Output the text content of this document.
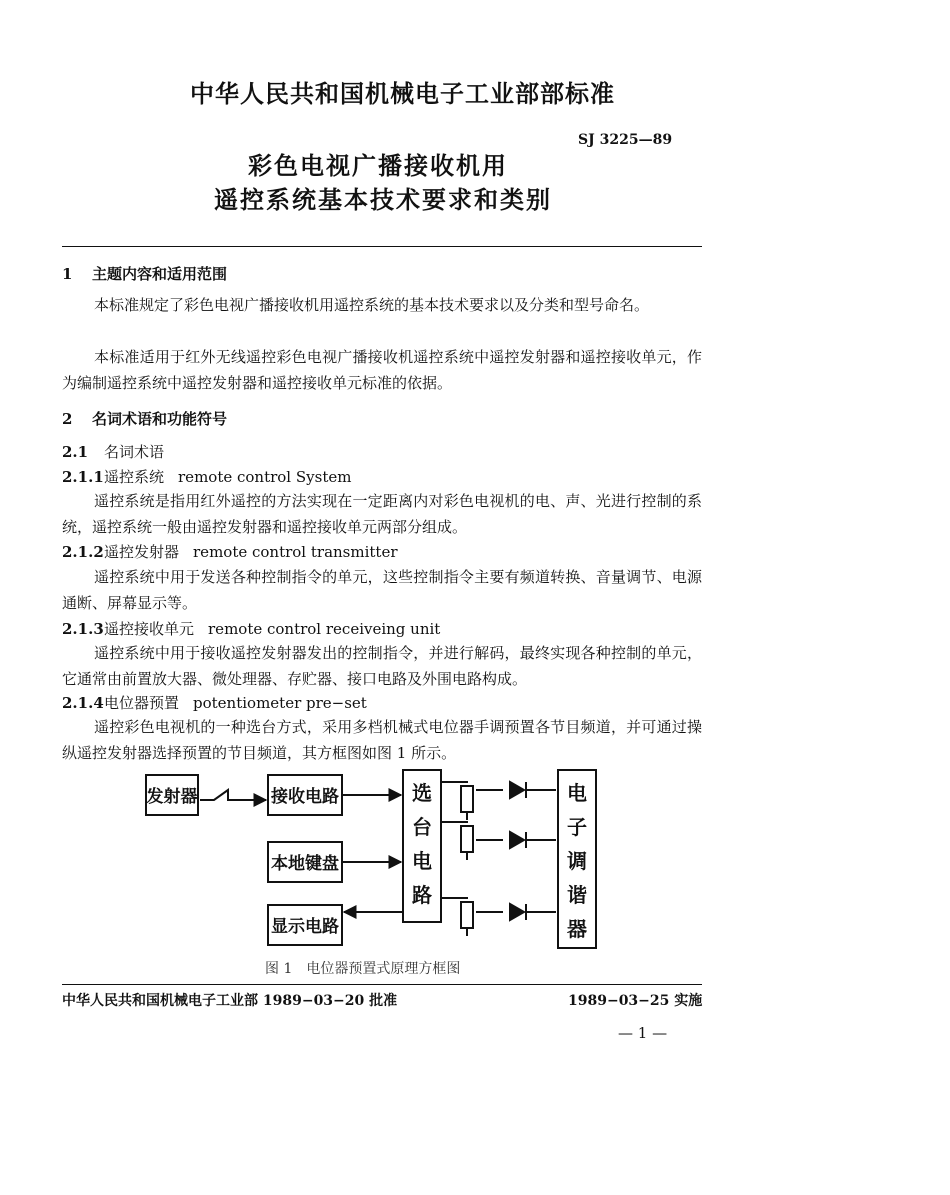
中华人民共和国机械电子工业部部标准
SJ 3225—89
彩色电视广播接收机用
遥控系统基本技术要求和类别
1 主题内容和适用范围
本标准规定了彩色电视广播接收机用遥控系统的基本技术要求以及分类和型号命名。
本标准适用于红外无线遥控彩色电视广播接收机遥控系统中遥控发射器和遥控接收单元，作为编制遥控系统中遥控发射器和遥控接收单元标准的依据。
2 名词术语和功能符号
2.1 名词术语
2.1.1遥控系统 remote control System
遥控系统是指用红外遥控的方法实现在一定距离内对彩色电视机的电、声、光进行控制的系统，遥控系统一般由遥控发射器和遥控接收单元两部分组成。
2.1.2遥控发射器 remote control transmitter
遥控系统中用于发送各种控制指令的单元，这些控制指令主要有频道转换、音量调节、电源通断、屏幕显示等。
2.1.3遥控接收单元 remote control receiveing unit
遥控系统中用于接收遥控发射器发出的控制指令，并进行解码，最终实现各种控制的单元，它通常由前置放大器、微处理器、存贮器、接口电路及外围电路构成。
2.1.4电位器预置 potentiometer pre−set
遥控彩色电视机的一种选台方式，采用多档机械式电位器手调预置各节目频道，并可通过操纵遥控发射器选择预置的节目频道，其方框图如图 1 所示。
发射器	接收电路
本地键盘
显示电路
选
台
电
路
电
子
调
谐
器
图 1　电位器预置式原理方框图
中华人民共和国机械电子工业部 1989−03−20 批准	1989−03−25 实施
— 1 —
